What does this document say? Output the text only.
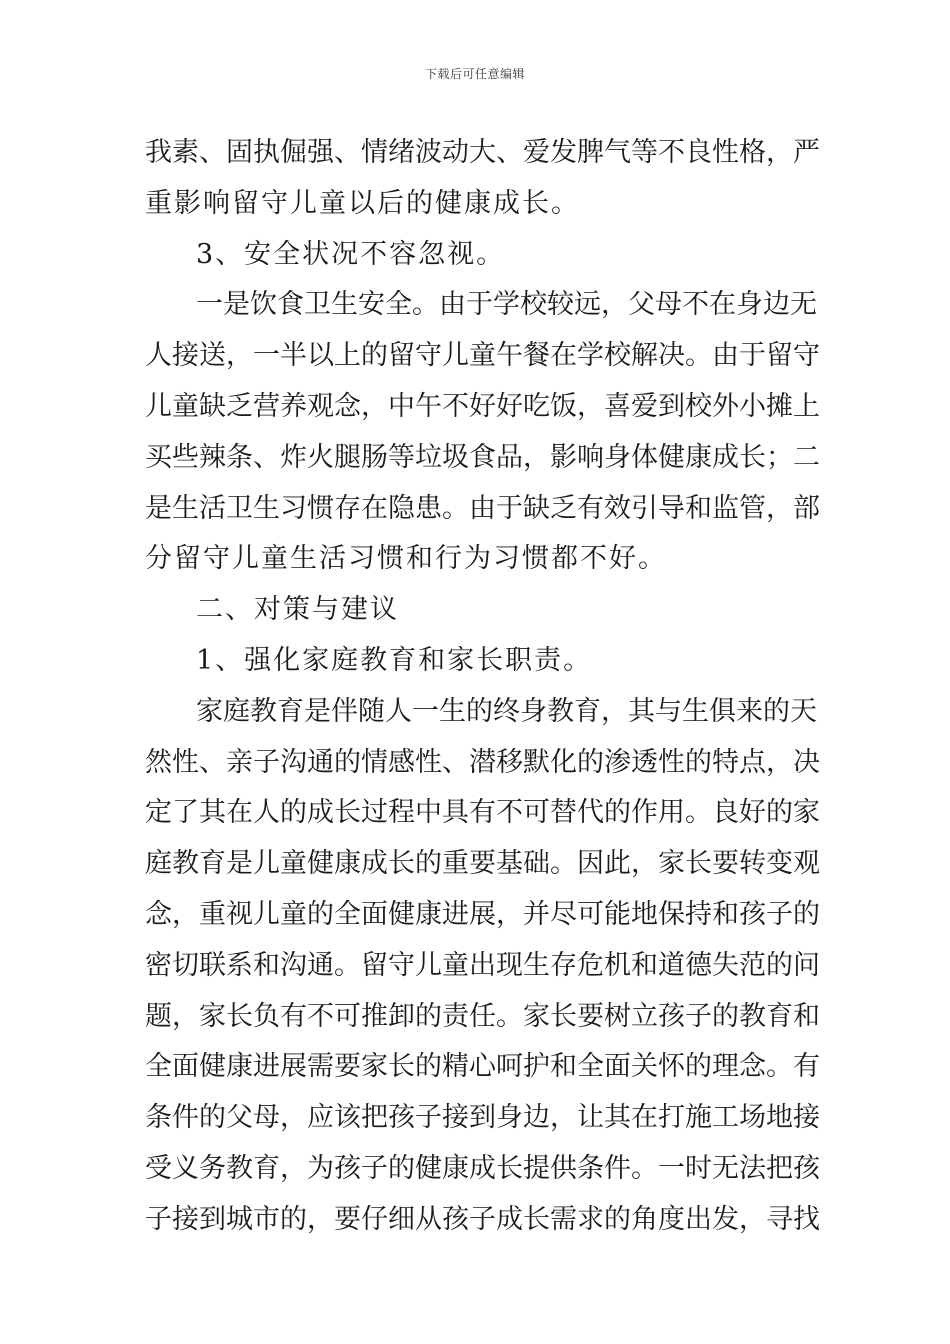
下载后可任意编辑
我素、固执倔强、情绪波动大、爱发脾气等不良性格，严
重影响留守儿童以后的健康成长。
3、安全状况不容忽视。
一是饮食卫生安全。由于学校较远，父母不在身边无
人接送，一半以上的留守儿童午餐在学校解决。由于留守
儿童缺乏营养观念，中午不好好吃饭，喜爱到校外小摊上
买些辣条、炸火腿肠等垃圾食品，影响身体健康成长；二
是生活卫生习惯存在隐患。由于缺乏有效引导和监管，部
分留守儿童生活习惯和行为习惯都不好。
二、对策与建议
1、强化家庭教育和家长职责。
家庭教育是伴随人一生的终身教育，其与生俱来的天
然性、亲子沟通的情感性、潜移默化的渗透性的特点，决
定了其在人的成长过程中具有不可替代的作用。良好的家
庭教育是儿童健康成长的重要基础。因此，家长要转变观
念，重视儿童的全面健康进展，并尽可能地保持和孩子的
密切联系和沟通。留守儿童出现生存危机和道德失范的问
题，家长负有不可推卸的责任。家长要树立孩子的教育和
全面健康进展需要家长的精心呵护和全面关怀的理念。有
条件的父母，应该把孩子接到身边，让其在打施工场地接
受义务教育，为孩子的健康成长提供条件。一时无法把孩
子接到城市的，要仔细从孩子成长需求的角度出发，寻找
